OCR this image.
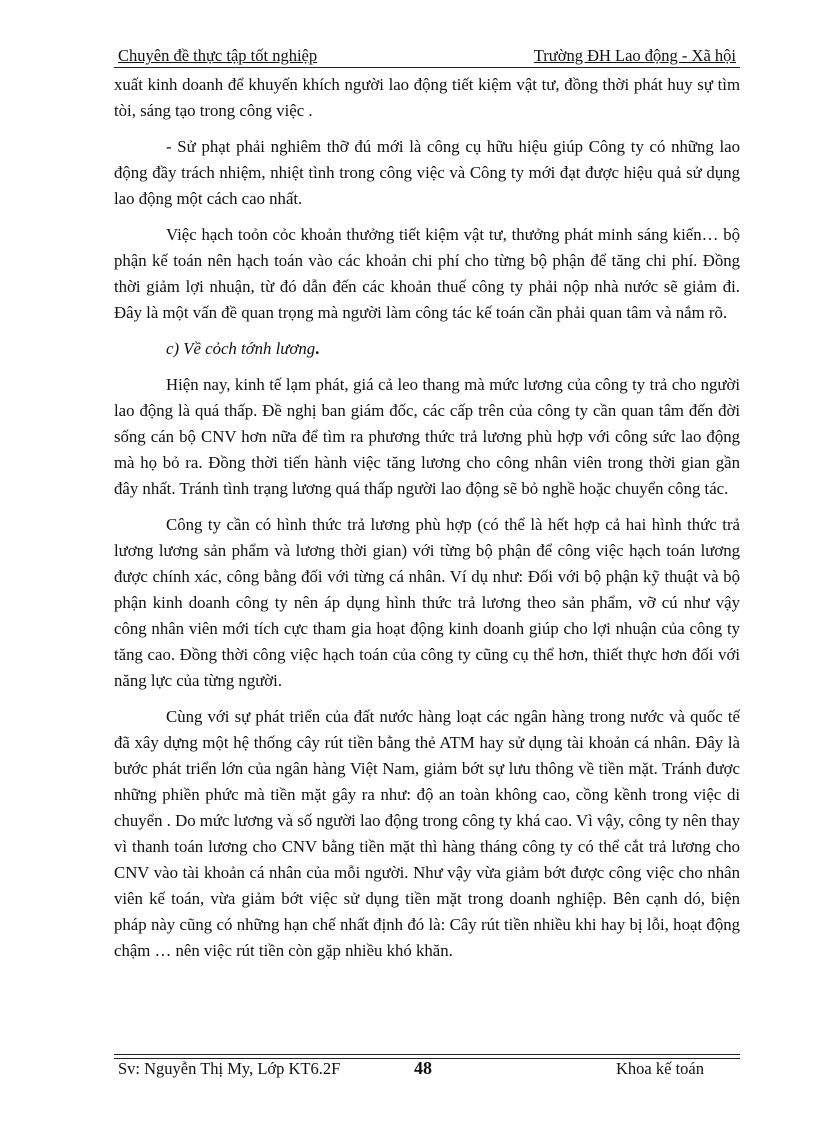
Chuyên đề thực tập tốt nghiệp	Trường ĐH Lao động - Xã hội

xuất kinh doanh để khuyến khích người lao động tiết kiệm vật tư, đồng thời phát huy sự tìm tòi, sáng tạo trong công việc .

- Sử phạt phải nghiêm thỡ đú mới là công cụ hữu hiệu giúp Công ty có những lao động đầy trách nhiệm, nhiệt tình trong công việc và Công ty mới đạt được hiệu quả sử dụng lao động một cách cao nhất.

Việc hạch toỏn cỏc khoản thưởng tiết kiệm vật tư, thưởng phát minh sáng kiến… bộ phận kế toán nên hạch toán vào các khoản chi phí cho từng bộ phận để tăng chi phí. Đồng thời giảm lợi nhuận, từ đó dẫn đến các khoản thuế công ty phải nộp nhà nước sẽ giảm đi. Đây là một vấn đề quan trọng mà người làm công tác kế toán cần phải quan tâm và nắm rõ.

c) Về cỏch tớnh lương.

Hiện nay, kinh tế lạm phát, giá cả leo thang mà mức lương của công ty trả cho người lao động là quá thấp. Đề nghị ban giám đốc, các cấp trên của công ty cần quan tâm đến đời sống cán bộ CNV hơn nữa để tìm ra phương thức trả lương phù hợp với công sức lao động mà họ bỏ ra. Đồng thời tiến hành việc tăng lương cho công nhân viên trong thời gian gần đây nhất. Tránh tình trạng lương quá thấp người lao động sẽ bỏ nghề hoặc chuyển công tác.

Công ty cần có hình thức trả lương phù hợp (có thể là hết hợp cả hai hình thức trả lương lương sản phẩm và lương thời gian) với từng bộ phận để công việc hạch toán lương được chính xác, công bằng đối với từng cá nhân. Ví dụ như: Đối với bộ phận kỹ thuật và bộ phận kinh doanh công ty nên áp dụng hình thức trả lương theo sản phẩm, vỡ cú như vậy công nhân viên mới tích cực tham gia hoạt động kinh doanh giúp cho lợi nhuận của công ty tăng cao. Đồng thời công việc hạch toán của công ty cũng cụ thể hơn, thiết thực hơn đối với năng lực của từng người.

Cùng với sự phát triển của đất nước hàng loạt các ngân hàng trong nước và quốc tế đã xây dựng một hệ thống cây rút tiền bằng thẻ ATM hay sử dụng tài khoản cá nhân. Đây là bước phát triển lớn của ngân hàng Việt Nam, giảm bớt sự lưu thông về tiền mặt. Tránh được những phiền phức mà tiền mặt gây ra như: độ an toàn không cao, cồng kềnh trong việc di chuyển . Do mức lương và số người lao động trong công ty khá cao. Vì vậy, công ty nên thay vì thanh toán lương cho CNV bằng tiền mặt thì hàng tháng công ty có thể cắt trả lương cho CNV vào tài khoản cá nhân của mỗi người. Như vậy vừa giảm bớt được công việc cho nhân viên kế toán, vừa giảm bớt việc sử dụng tiền mặt trong doanh nghiệp. Bên cạnh dó, biện pháp này cũng có những hạn chế nhất định đó là: Cây rút tiền nhiều khi hay bị lỗi, hoạt động chậm … nên việc rút tiền còn gặp nhiều khó khăn.

Sv: Nguyễn Thị My, Lớp KT6.2F	48	Khoa kế toán
